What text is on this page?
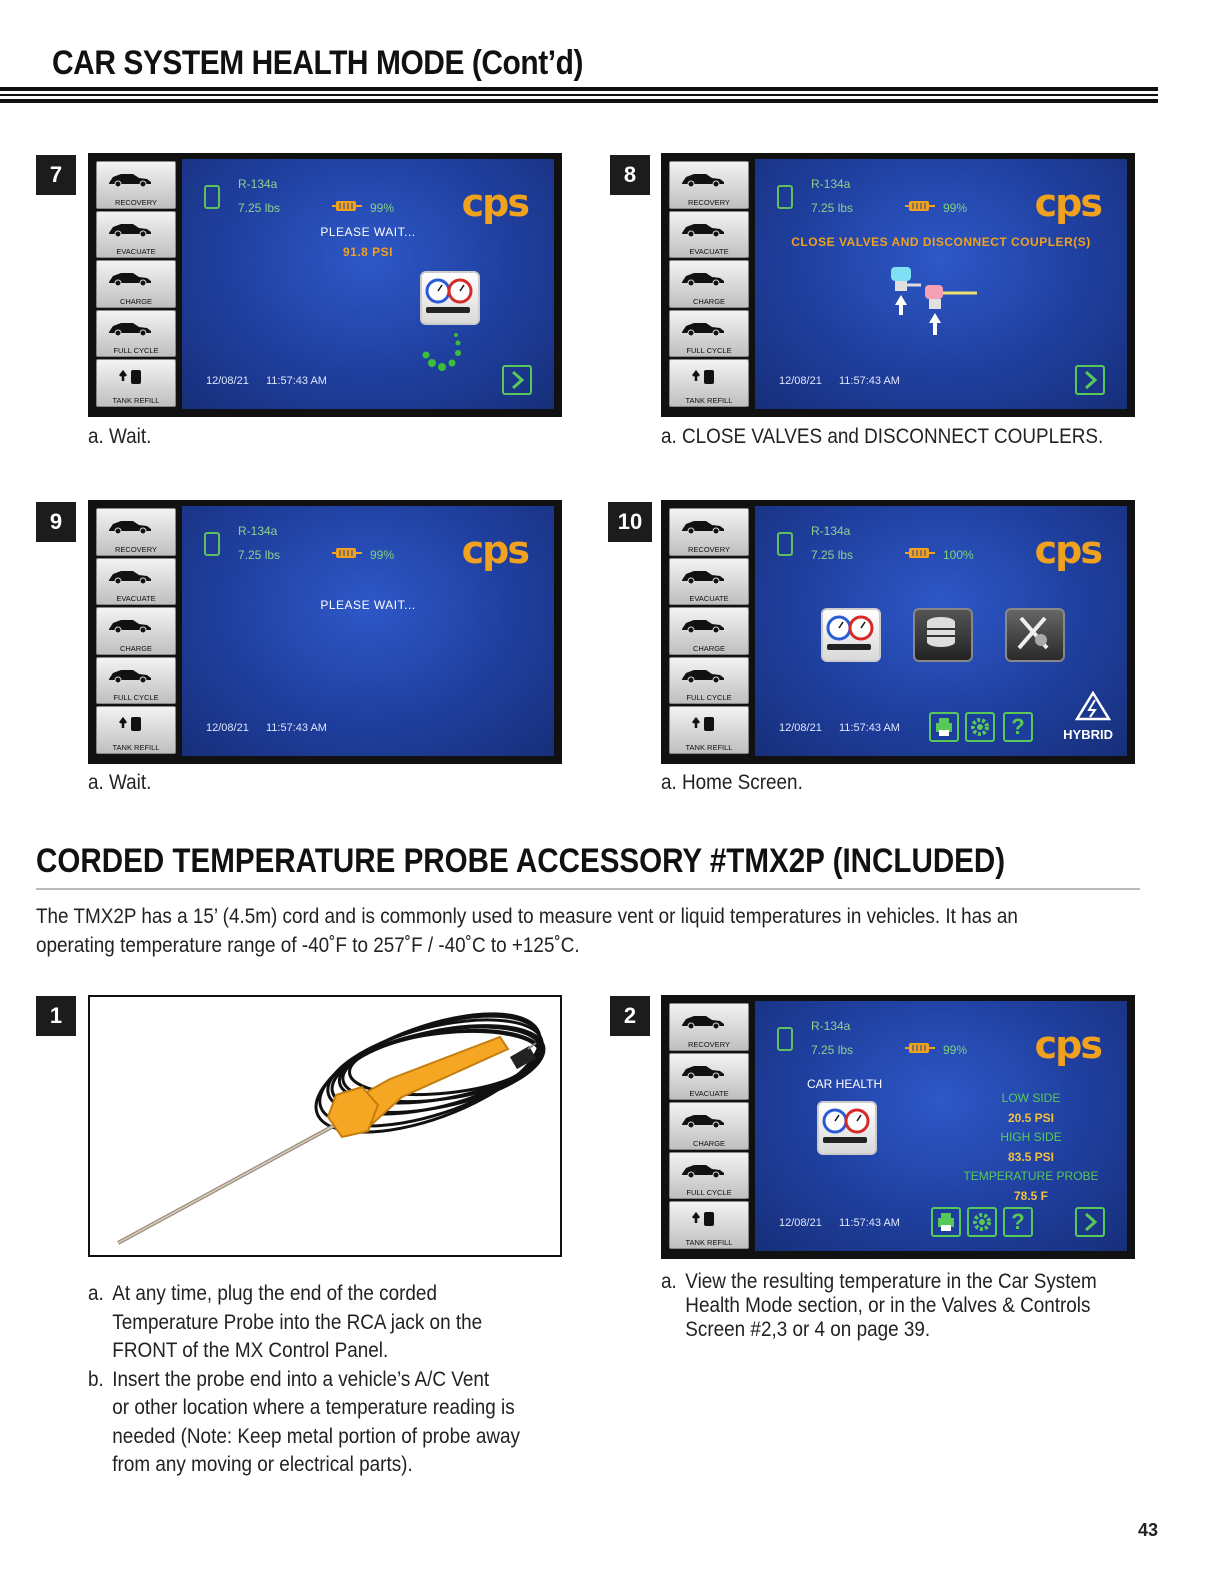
CAR SYSTEM HEALTH MODE (Cont’d)
7	8
9	10
RECOVERY
EVACUATE
CHARGE
FULL CYCLE
TANK REFILL
R-134a
7.25 lbs	99% cps
12/08/21 11:57:43 AM
PLEASE WAIT...
91.8 PSI
RECOVERY
EVACUATE
CHARGE
FULL CYCLE
TANK REFILL
R-134a
7.25 lbs	99% cps
12/08/21 11:57:43 AM
CLOSE VALVES AND DISCONNECT COUPLER(S)
RECOVERY
EVACUATE
CHARGE
FULL CYCLE
TANK REFILL
R-134a
7.25 lbs	99% cps
12/08/21 11:57:43 AM
PLEASE WAIT...
RECOVERY
EVACUATE
CHARGE
FULL CYCLE
TANK REFILL
R-134a
7.25 lbs	100% cps
12/08/21 11:57:43 AM	?	HYBRID
a. Wait.	a. CLOSE VALVES and DISCONNECT COUPLERS.
a. Wait.	a. Home Screen.
CORDED TEMPERATURE PROBE ACCESSORY #TMX2P (INCLUDED)
The TMX2P has a 15’ (4.5m) cord and is commonly used to measure vent or liquid temperatures in vehicles. It has an
operating temperature range of -40˚F to 257˚F / -40˚C to +125˚C.
1	2
a. At any time, plug the end of the corded
Temperature Probe into the RCA jack on the
FRONT of the MX Control Panel.
b. Insert the probe end into a vehicle’s A/C Vent
or other location where a temperature reading is
needed (Note: Keep metal portion of probe away
from any moving or electrical parts).
RECOVERY
EVACUATE
CHARGE
FULL CYCLE
TANK REFILL
R-134a
7.25 lbs	99% cps
12/08/21 11:57:43 AM
CAR HEALTH
LOW SIDE
20.5 PSI
HIGH SIDE
83.5 PSI
TEMPERATURE PROBE
78.5 F
?
a. View the resulting temperature in the Car System
Health Mode section, or in the Valves & Controls
Screen #2,3 or 4 on page 39.
43
